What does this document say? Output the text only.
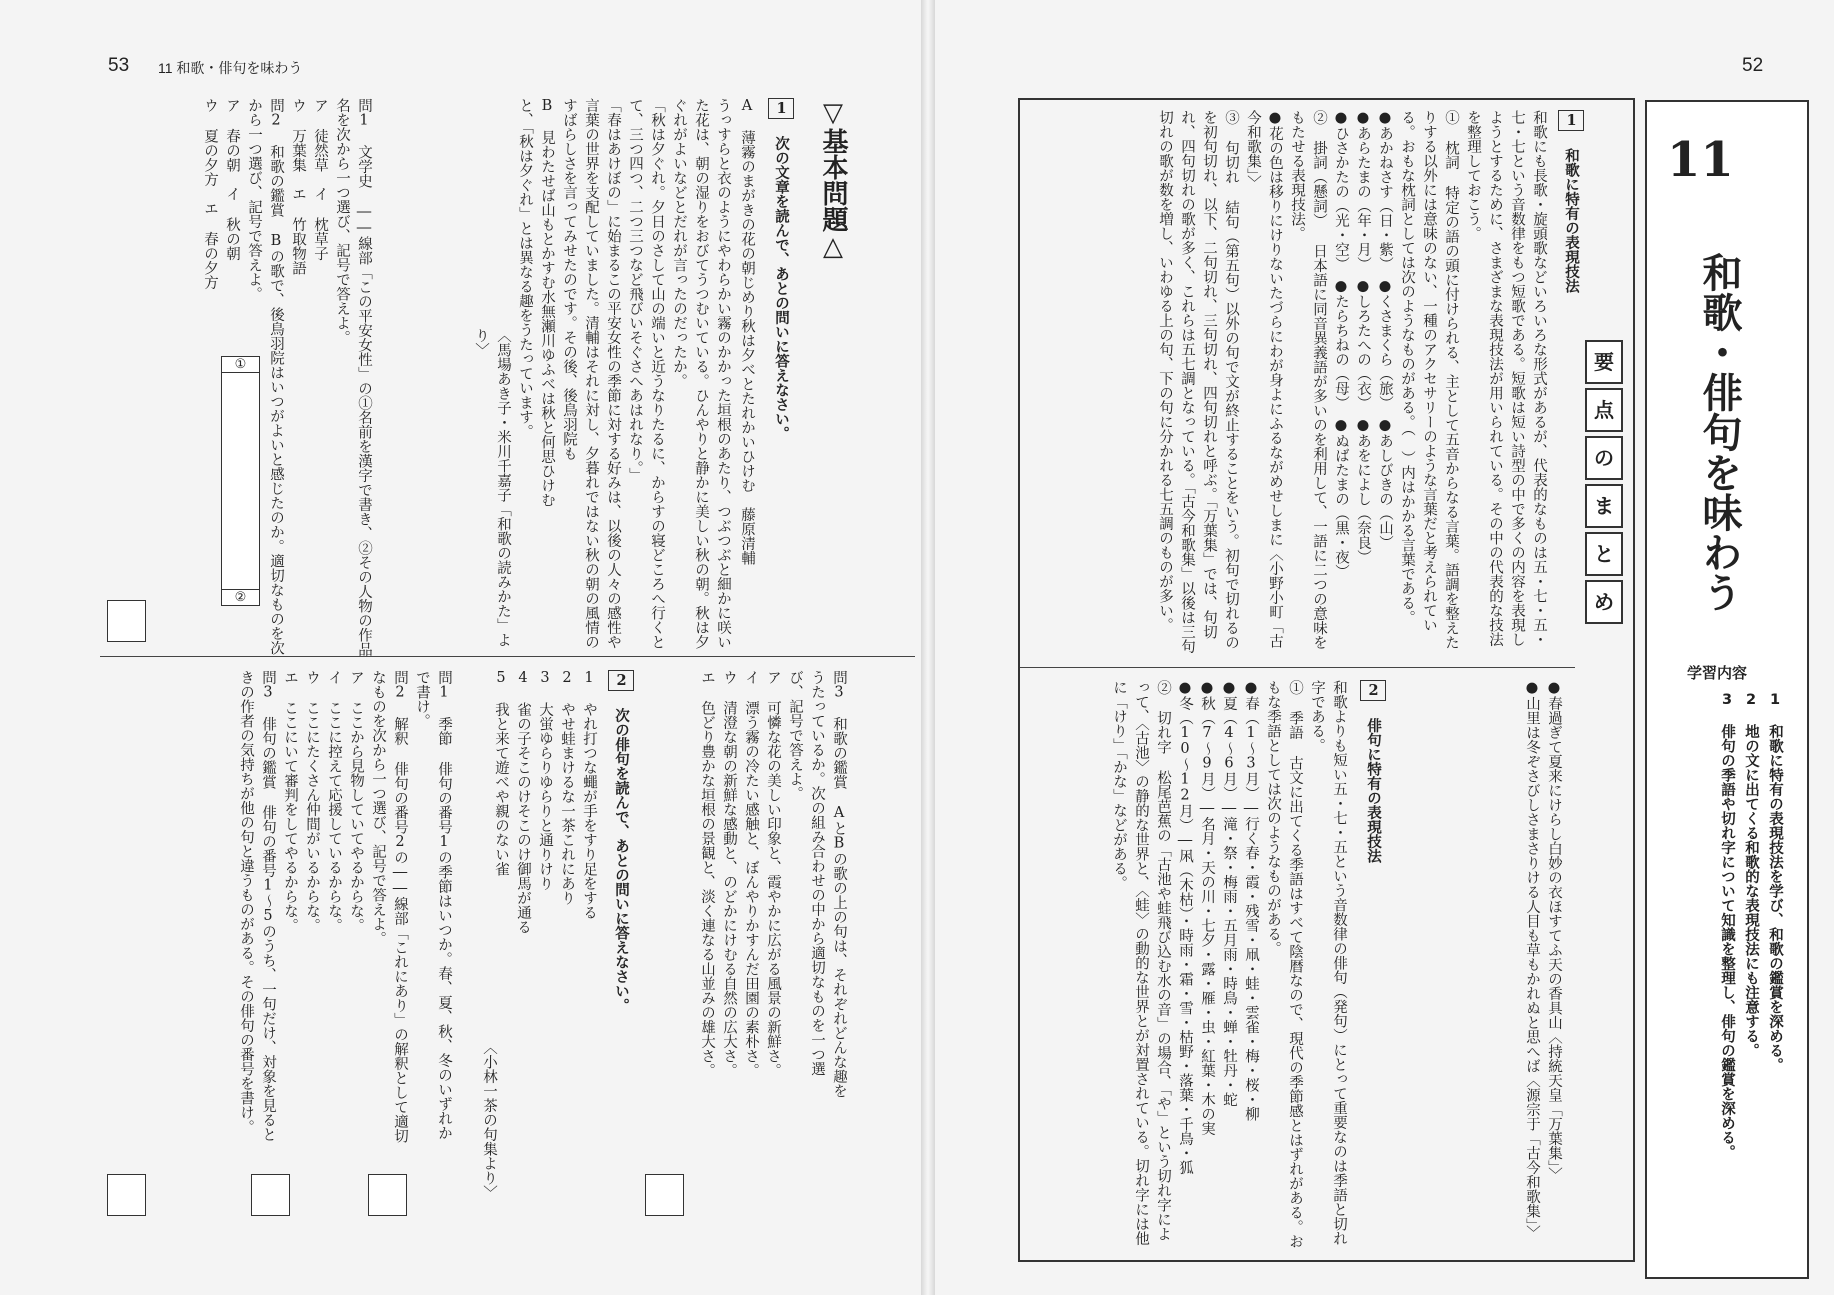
53 11 和歌・俳句を味わう
▽基本問題△
1 次の文章を読んで、あとの問いに答えなさい。

A 薄霧のまがきの花の朝じめり秋は夕べとたれかいひけむ　藤原清輔

うっすらと衣のようにやわらかい霧のかかった垣根のあたり、つぶつぶと細かに咲いた花は、朝の湿りをおびてうつむいている。ひんやりと静かに美しい秋の朝。秋は夕ぐれがよいなどとだれが言ったのだったか。

「秋は夕ぐれ。夕日のさして山の端いと近うなりたるに、からすの寝どころへ行くとて、三つ四つ、二つ三つなど飛びいそぐさへあはれなり。」

「春はあけぼの」に始まるこの平安女性の季節に対する好みは、以後の人々の感性や言葉の世界を支配していました。清輔はそれに対し、夕暮れではない秋の朝の風情のすばらしさを言ってみせたのです。その後、後鳥羽院も

B 見わたせば山もとかすむ水無瀬川ゆふべは秋と何思ひけむ

と、「秋は夕ぐれ」とは異なる趣をうたっています。

〈馬場あき子・米川千嘉子「和歌の読みかた」より〉

問1 文学史 ――線部「この平安女性」の①名前を漢字で書き、②その人物の作品名を次から一つ選び、記号で答えよ。

ア 徒然草　イ 枕草子

ウ 万葉集　エ 竹取物語

問2 和歌の鑑賞 Bの歌で、後鳥羽院はいつがよいと感じたのか。適切なものを次から一つ選び、記号で答えよ。

ア 春の朝　イ 秋の朝

ウ 夏の夕方　エ 春の夕方

①
②

問3 和歌の鑑賞 AとBの歌の上の句は、それぞれどんな趣をうたっているか。次の組み合わせの中から適切なものを一つ選び、記号で答えよ。

ア 可憐な花の美しい印象と、霞やかに広がる風景の新鮮さ。

イ 漂う霧の冷たい感触と、ぼんやりかすんだ田園の素朴さ。

ウ 清澄な朝の新鮮な感動と、のどかにけむる自然の広大さ。

エ 色どり豊かな垣根の景観と、淡く連なる山並みの雄大さ。

2 次の俳句を読んで、あとの問いに答えなさい。

1 やれ打つな蠅が手をすり足をする

2 やせ蛙まけるな一茶これにあり

3 大蛍ゆらりゆらりと通りけり

4 雀の子そこのけそこのけ御馬が通る

5 我と来て遊べや親のない雀

〈小林一茶の句集より〉

問1 季節 俳句の番号1の季節はいつか。春、夏、秋、冬のいずれかで書け。

問2 解釈 俳句の番号2の――線部「これにあり」の解釈として適切なものを次から一つ選び、記号で答えよ。

ア ここから見物していてやるからな。

イ ここに控えて応援しているからな。

ウ ここにたくさん仲間がいるからな。

エ ここにいて審判をしてやるからな。

問3 俳句の鑑賞 俳句の番号1〜5のうち、一句だけ、対象を見るときの作者の気持ちが他の句と違うものがある。その俳句の番号を書け。

52
要
点
の
ま
と
め
1 和歌に特有の表現技法

和歌にも長歌・旋頭歌などいろいろな形式があるが、代表的なものは五・七・五・七・七という音数律をもつ短歌である。短歌は短い詩型の中で多くの内容を表現しようとするために、さまざまな表現技法が用いられている。その中の代表的な技法を整理しておこう。

① 枕詞 特定の語の頭に付けられる、主として五音からなる言葉。語調を整えたりする以外には意味のない、一種のアクセサリーのような言葉だと考えられている。おもな枕詞としては次のようなものがある。（　）内はかかる言葉である。

●あかねさす（日・紫）　●くさまくら（旅）　●あしびきの（山）

●あらたまの（年・月）　●しろたへの（衣）　●あをによし（奈良）

●ひさかたの（光・空）　●たらちねの（母）　●ぬばたまの（黒・夜）

② 掛詞（懸詞） 日本語に同音異義語が多いのを利用して、一語に二つの意味をもたせる表現技法。

●花の色は移りにけりないたづらにわが身よにふるながめせしまに〈小野小町「古今和歌集」〉

③ 句切れ 結句（第五句）以外の句で文が終止することをいう。初句で切れるのを初句切れ、以下、二句切れ、三句切れ、四句切れと呼ぶ。「万葉集」では、句切れ、四句切れの歌が多く、これらは五七調となっている。「古今和歌集」以後は三句切れの歌が数を増し、いわゆる上の句、下の句に分かれる七五調のものが多い。

●春過ぎて夏来にけらし白妙の衣ほすてふ天の香具山〈持統天皇「万葉集」〉

●山里は冬ぞさびしさまさりける人目も草もかれぬと思へば〈源宗于「古今和歌集」〉

2 俳句に特有の表現技法

和歌よりも短い五・七・五という音数律の俳句（発句）にとって重要なのは季語と切れ字である。

① 季語 古文に出てくる季語はすべて陰暦なので、現代の季節感とはずれがある。おもな季語としては次のようなものがある。

●春（1〜3月）―行く春・霞・残雪・凧・蛙・雲雀・梅・桜・柳

●夏（4〜6月）―滝・祭・梅雨・五月雨・時鳥・蝉・牡丹・蛇

●秋（7〜9月）―名月・天の川・七夕・露・雁・虫・紅葉・木の実

●冬（10〜12月）―凩（木枯）・時雨・霜・雪・枯野・落葉・千鳥・狐

② 切れ字 松尾芭蕉の「古池や蛙飛び込む水の音」の場合、「や」という切れ字によって、〈古池〉の静的な世界と、〈蛙〉の動的な世界とが対置されている。切れ字には他に「けり」「かな」などがある。

11
和歌・俳句を味わう
学習内容

1 和歌に特有の表現技法を学び、和歌の鑑賞を深める。

2 地の文に出てくる和歌的な表現技法にも注意する。

3 俳句の季語や切れ字について知識を整理し、俳句の鑑賞を深める。
